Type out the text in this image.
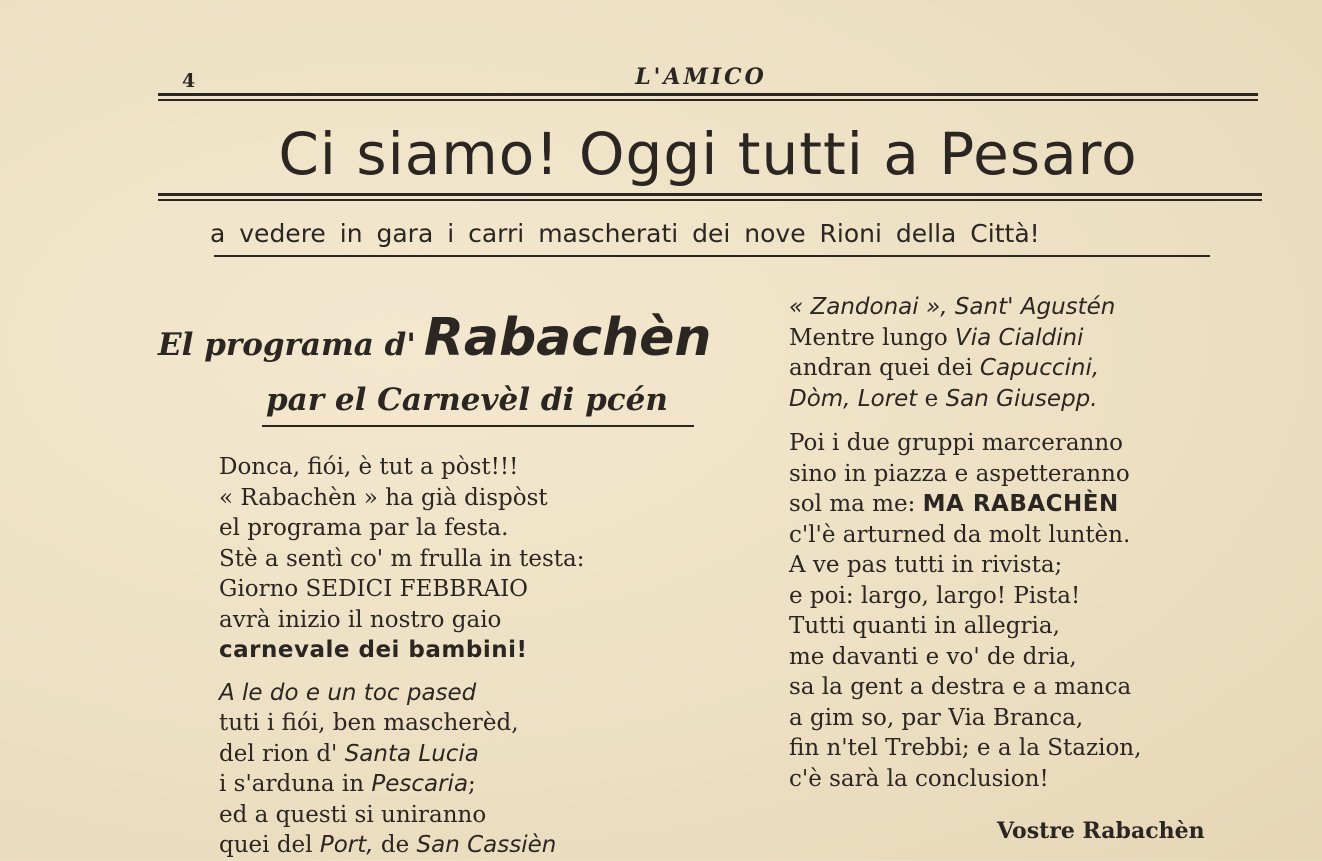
4	L'AMICO
Ci siamo! Oggi tutti a Pesaro
a vedere in gara i carri mascherati dei nove Rioni della Città!
El programa d' Rabachèn
par el Carnevèl di pcén
Donca, fiói, è tut a pòst!!!
« Rabachèn » ha già dispòst
el programa par la festa.
Stè a sentì co' m frulla in testa:
Giorno SEDICI FEBBRAIO
avrà inizio il nostro gaio
carnevale dei bambini!
A le do e un toc pased
tuti i fiói, ben mascherèd,
del rion d' Santa Lucia
i s'arduna in Pescaria;
ed a questi si uniranno
quei del Port, de San Cassièn
« Zandonai », Sant' Agustén
Mentre lungo Via Cialdini
andran quei dei Capuccini,
Dòm, Loret e San Giusepp.
Poi i due gruppi marceranno
sino in piazza e aspetteranno
sol ma me: MA RABACHÈN
c'l'è arturned da molt luntèn.
A ve pas tutti in rivista;
e poi: largo, largo! Pista!
Tutti quanti in allegria,
me davanti e vo' de dria,
sa la gent a destra e a manca
a gim so, par Via Branca,
fin n'tel Trebbi; e a la Stazion,
c'è sarà la conclusion!
Vostre Rabachèn
